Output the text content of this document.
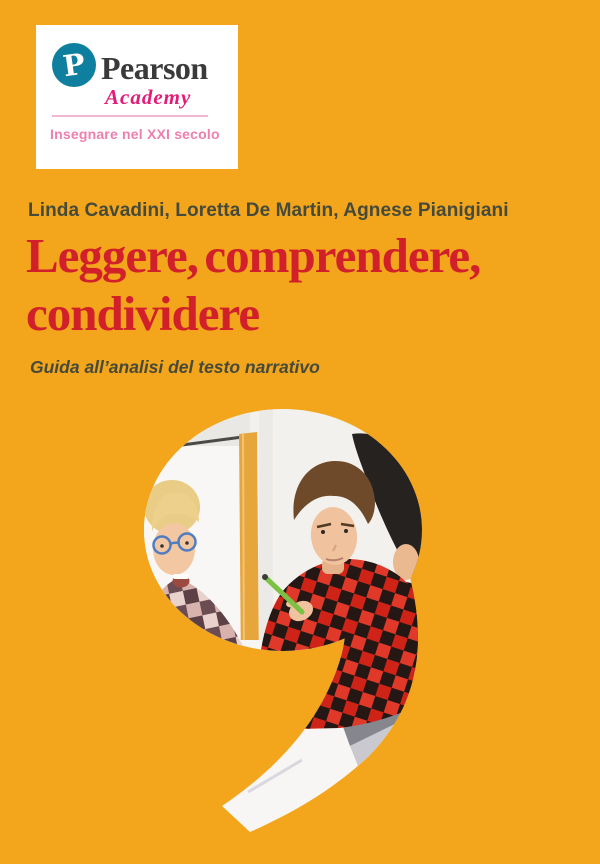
P Pearson
Academy
Insegnare nel XXI secolo
Linda Cavadini, Loretta De Martin, Agnese Pianigiani
Leggere, comprendere,
condividere
Guida all’analisi del testo narrativo
